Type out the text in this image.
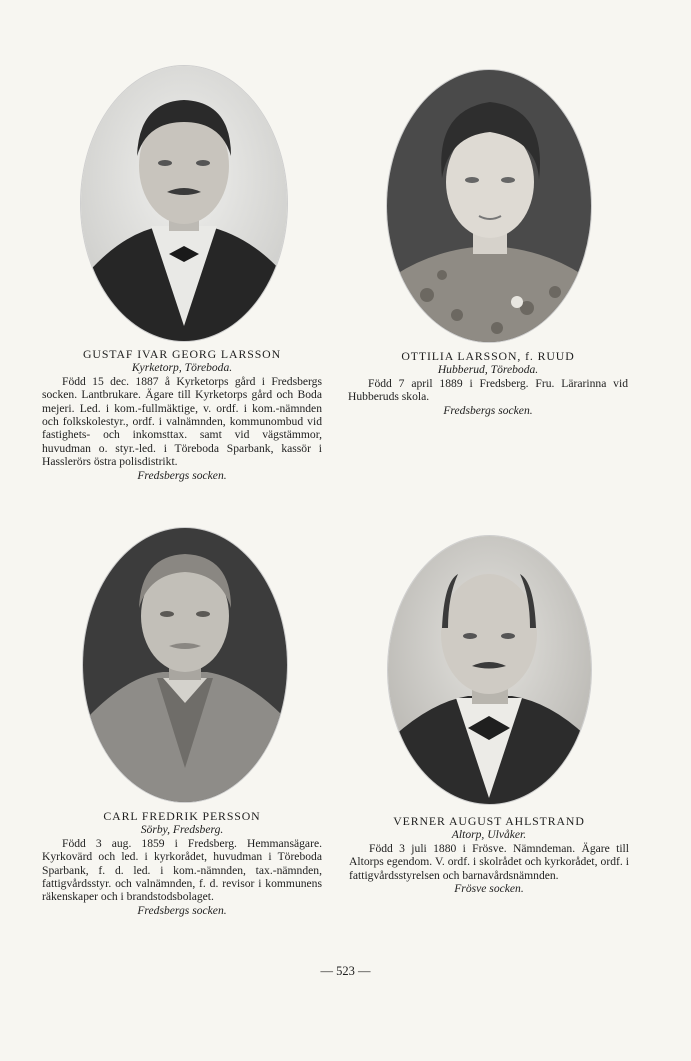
GUSTAF IVAR GEORG LARSSON
Kyrketorp, Töreboda.
Född 15 dec. 1887 å Kyrketorps gård i Fredsbergs socken. Lantbrukare. Ägare till Kyrketorps gård och Boda mejeri. Led. i kom.-fullmäktige, v. ordf. i kom.-nämnden och folkskolestyr., ordf. i valnämnden, kommunombud vid fastighets- och inkomsttax. samt vid vägstämmor, huvudman o. styr.-led. i Töreboda Sparbank, kassör i Hasslerörs östra polisdistrikt.
Fredsbergs socken.
OTTILIA LARSSON, f. RUUD
Hubberud, Töreboda.
Född 7 april 1889 i Fredsberg. Fru. Lärarinna vid Hubberuds skola.
Fredsbergs socken.
CARL FREDRIK PERSSON
Sörby, Fredsberg.
Född 3 aug. 1859 i Fredsberg. Hemmansägare. Kyrkovärd och led. i kyrkorådet, huvudman i Töreboda Sparbank, f. d. led. i kom.-nämnden, tax.-nämnden, fattigvårdsstyr. och valnämnden, f. d. revisor i kommunens räkenskaper och i brandstodsbolaget.
Fredsbergs socken.
VERNER AUGUST AHLSTRAND
Altorp, Ulvåker.
Född 3 juli 1880 i Frösve. Nämndeman. Ägare till Altorps egendom. V. ordf. i skolrådet och kyrkorådet, ordf. i fattigvårdsstyrelsen och barnavårdsnämnden.
Frösve socken.
— 523 —
